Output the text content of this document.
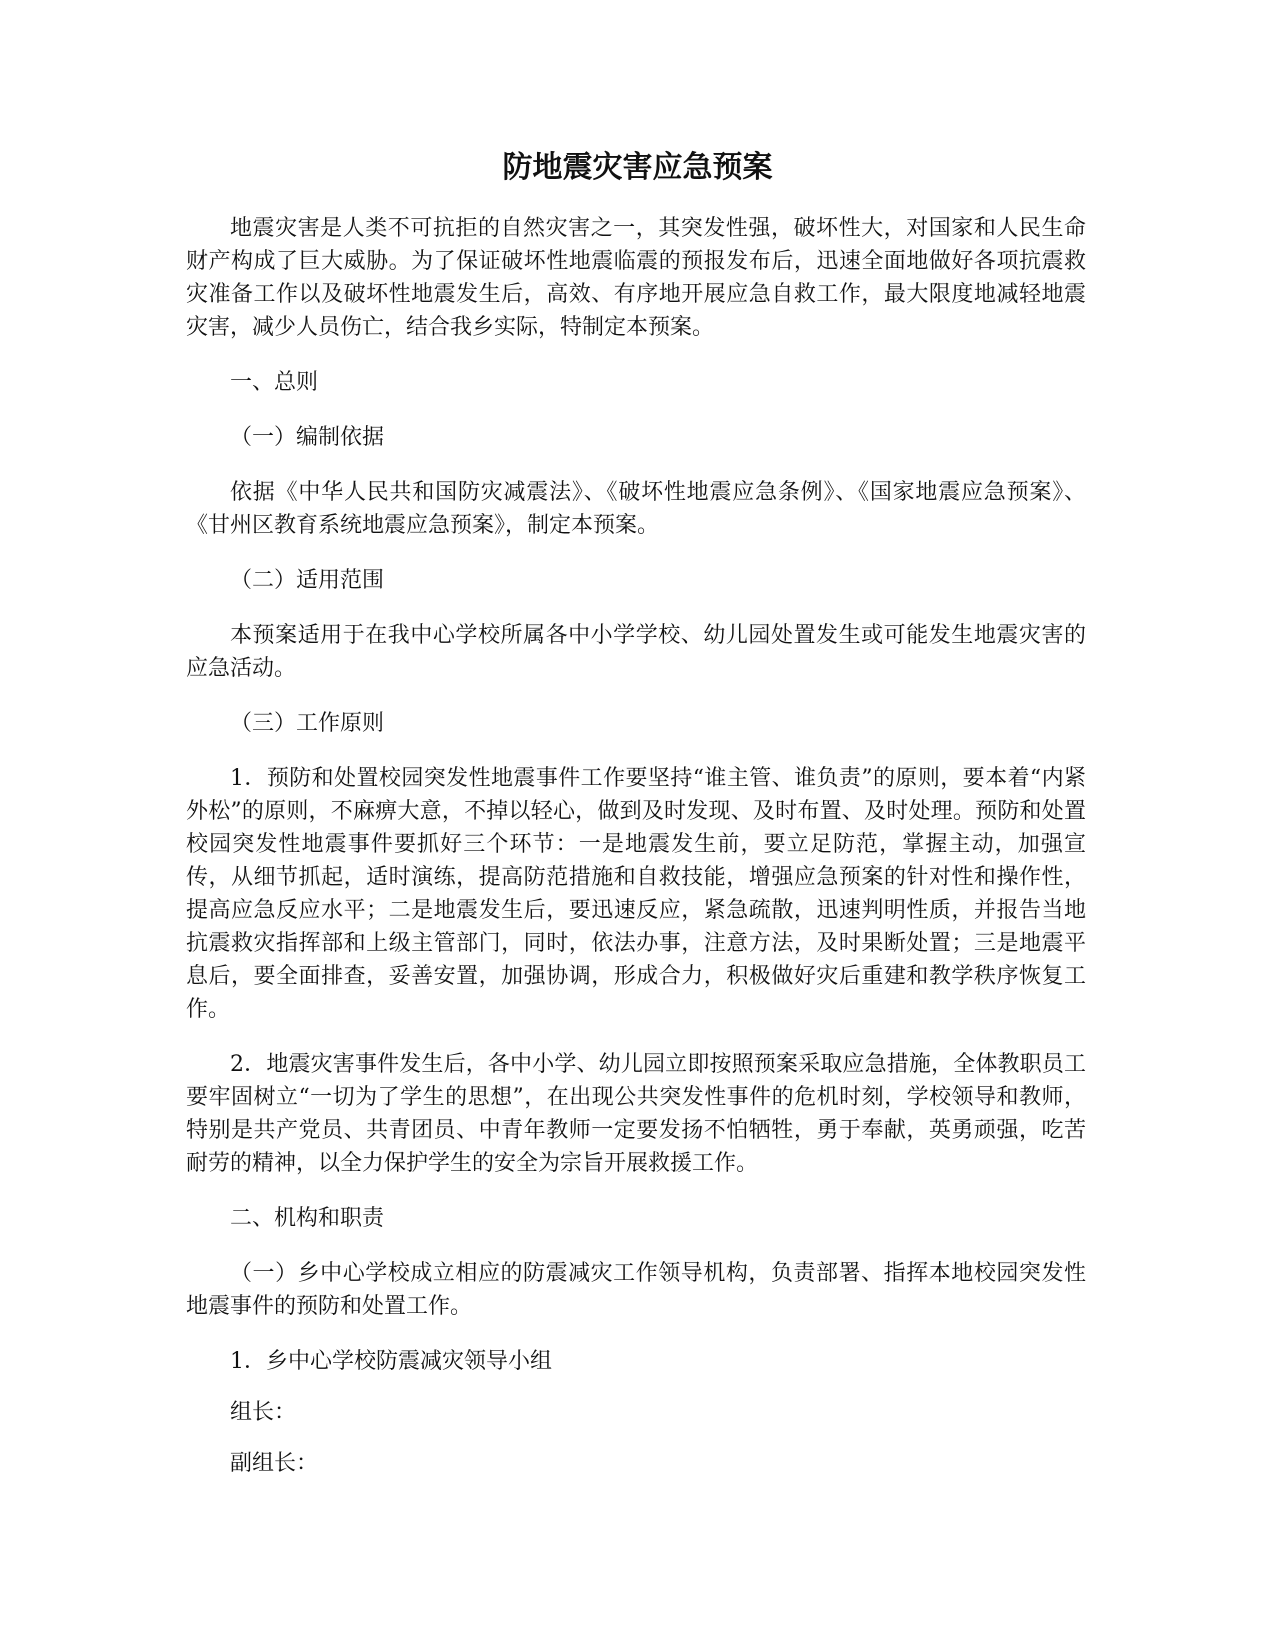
防地震灾害应急预案

地震灾害是人类不可抗拒的自然灾害之一，其突发性强，破坏性大，对国家和人民生命财产构成了巨大威胁。为了保证破坏性地震临震的预报发布后，迅速全面地做好各项抗震救灾准备工作以及破坏性地震发生后，高效、有序地开展应急自救工作，最大限度地减轻地震灾害，减少人员伤亡，结合我乡实际，特制定本预案。

一、总则

（一）编制依据

依据《中华人民共和国防灾减震法》、《破坏性地震应急条例》、《国家地震应急预案》、《甘州区教育系统地震应急预案》，制定本预案。

（二）适用范围

本预案适用于在我中心学校所属各中小学学校、幼儿园处置发生或可能发生地震灾害的应急活动。

（三）工作原则

1．预防和处置校园突发性地震事件工作要坚持“谁主管、谁负责”的原则，要本着“内紧外松”的原则，不麻痹大意，不掉以轻心，做到及时发现、及时布置、及时处理。预防和处置校园突发性地震事件要抓好三个环节：一是地震发生前，要立足防范，掌握主动，加强宣传，从细节抓起，适时演练，提高防范措施和自救技能，增强应急预案的针对性和操作性，提高应急反应水平；二是地震发生后，要迅速反应，紧急疏散，迅速判明性质，并报告当地抗震救灾指挥部和上级主管部门，同时，依法办事，注意方法，及时果断处置；三是地震平息后，要全面排查，妥善安置，加强协调，形成合力，积极做好灾后重建和教学秩序恢复工作。

2．地震灾害事件发生后，各中小学、幼儿园立即按照预案采取应急措施，全体教职员工要牢固树立“一切为了学生的思想”，在出现公共突发性事件的危机时刻，学校领导和教师，特别是共产党员、共青团员、中青年教师一定要发扬不怕牺牲，勇于奉献，英勇顽强，吃苦耐劳的精神，以全力保护学生的安全为宗旨开展救援工作。

二、机构和职责

（一）乡中心学校成立相应的防震减灾工作领导机构，负责部署、指挥本地校园突发性地震事件的预防和处置工作。

1．乡中心学校防震减灾领导小组

组长：

副组长：
